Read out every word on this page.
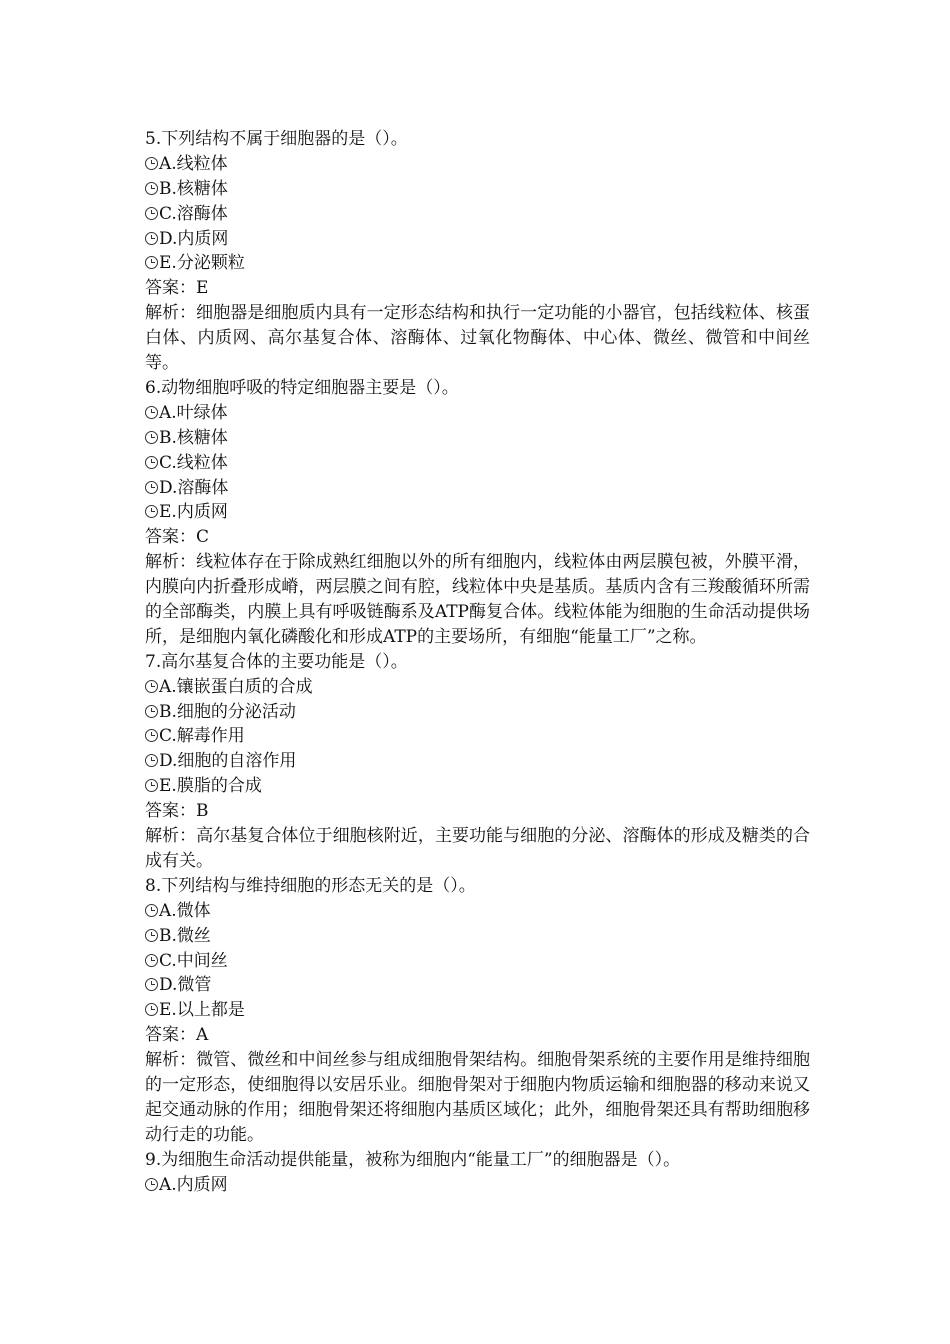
5.下列结构不属于细胞器的是（）。
A.线粒体
B.核糖体
C.溶酶体
D.内质网
E.分泌颗粒
答案：E
解析：细胞器是细胞质内具有一定形态结构和执行一定功能的小器官，包括线粒体、核蛋白体、内质网、高尔基复合体、溶酶体、过氧化物酶体、中心体、微丝、微管和中间丝等。
6.动物细胞呼吸的特定细胞器主要是（）。
A.叶绿体
B.核糖体
C.线粒体
D.溶酶体
E.内质网
答案：C
解析：线粒体存在于除成熟红细胞以外的所有细胞内，线粒体由两层膜包被，外膜平滑，内膜向内折叠形成嵴，两层膜之间有腔，线粒体中央是基质。基质内含有三羧酸循环所需的全部酶类，内膜上具有呼吸链酶系及ATP酶复合体。线粒体能为细胞的生命活动提供场所，是细胞内氧化磷酸化和形成ATP的主要场所，有细胞“能量工厂”之称。
7.高尔基复合体的主要功能是（）。
A.镶嵌蛋白质的合成
B.细胞的分泌活动
C.解毒作用
D.细胞的自溶作用
E.膜脂的合成
答案：B
解析：高尔基复合体位于细胞核附近，主要功能与细胞的分泌、溶酶体的形成及糖类的合成有关。
8.下列结构与维持细胞的形态无关的是（）。
A.微体
B.微丝
C.中间丝
D.微管
E.以上都是
答案：A
解析：微管、微丝和中间丝参与组成细胞骨架结构。细胞骨架系统的主要作用是维持细胞的一定形态，使细胞得以安居乐业。细胞骨架对于细胞内物质运输和细胞器的移动来说又起交通动脉的作用；细胞骨架还将细胞内基质区域化；此外，细胞骨架还具有帮助细胞移动行走的功能。
9.为细胞生命活动提供能量，被称为细胞内“能量工厂”的细胞器是（）。
A.内质网
